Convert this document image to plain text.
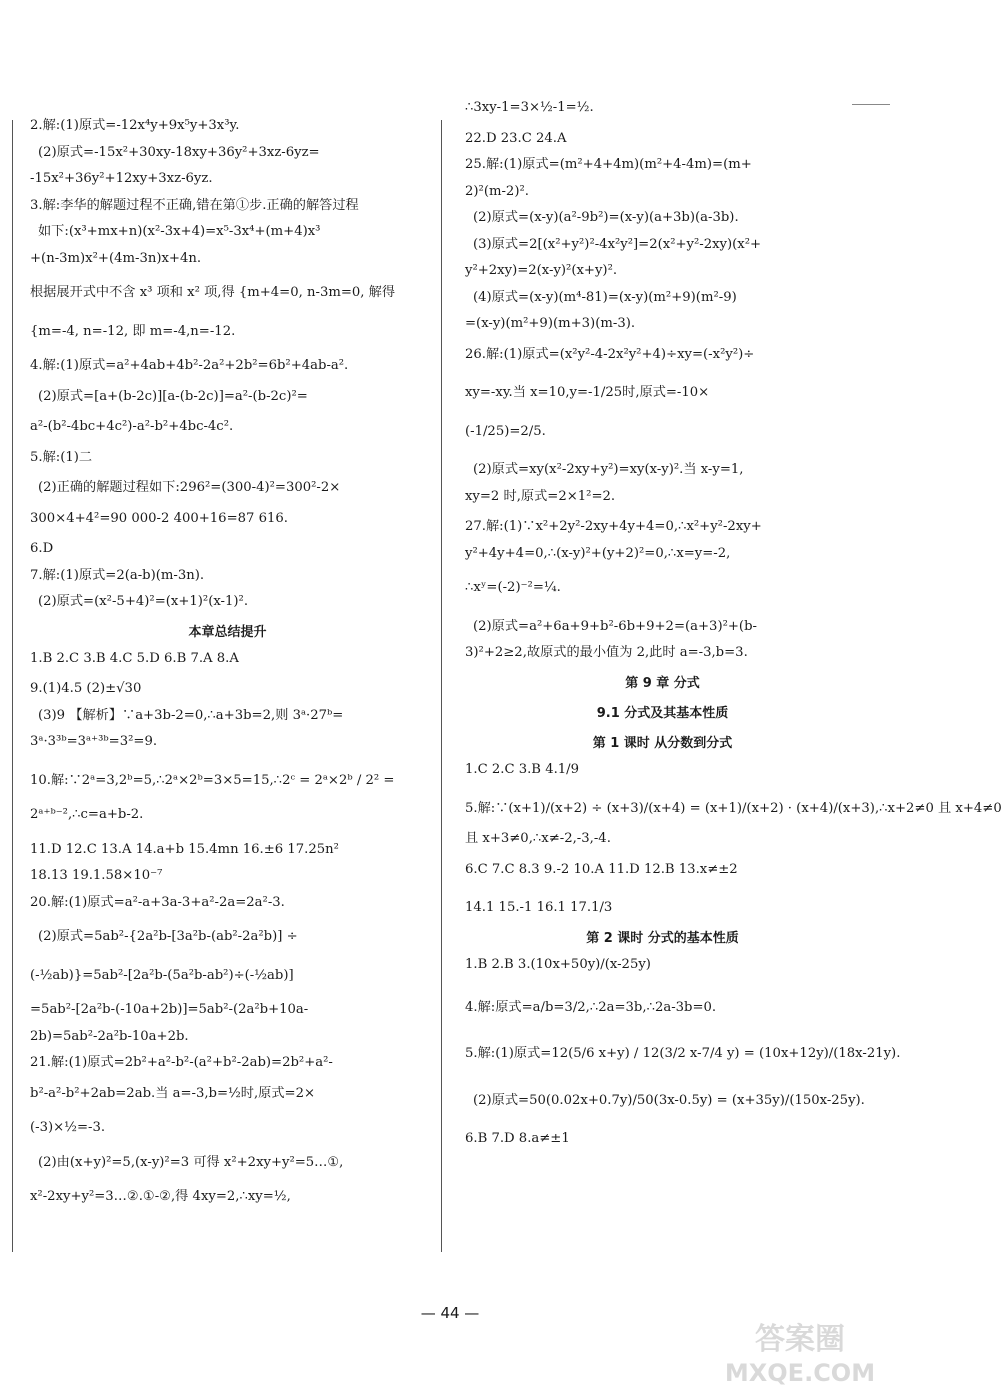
2.解:(1)原式=-12x⁴y+9x⁵y+3x³y.

(2)原式=-15x²+30xy-18xy+36y²+3xz-6yz=

-15x²+36y²+12xy+3xz-6yz.

3.解:李华的解题过程不正确,错在第①步.正确的解答过程

如下:(x³+mx+n)(x²-3x+4)=x⁵-3x⁴+(m+4)x³

+(n-3m)x²+(4m-3n)x+4n.

根据展开式中不含 x³ 项和 x² 项,得 {m+4=0, n-3m=0, 解得

{m=-4, n=-12, 即 m=-4,n=-12.

4.解:(1)原式=a²+4ab+4b²-2a²+2b²=6b²+4ab-a².

(2)原式=[a+(b-2c)][a-(b-2c)]=a²-(b-2c)²=

a²-(b²-4bc+4c²)-a²-b²+4bc-4c².

5.解:(1)二

(2)正确的解题过程如下:296²=(300-4)²=300²-2×

300×4+4²=90 000-2 400+16=87 616.

6.D

7.解:(1)原式=2(a-b)(m-3n).

(2)原式=(x²-5+4)²=(x+1)²(x-1)².

本章总结提升

1.B 2.C 3.B 4.C 5.D 6.B 7.A 8.A

9.(1)4.5 (2)±√30

(3)9 【解析】∵a+3b-2=0,∴a+3b=2,则 3ᵃ·27ᵇ=

3ᵃ·3³ᵇ=3ᵃ⁺³ᵇ=3²=9.

10.解:∵2ᵃ=3,2ᵇ=5,∴2ᵃ×2ᵇ=3×5=15,∴2ᶜ = 2ᵃ×2ᵇ / 2² =

2ᵃ⁺ᵇ⁻²,∴c=a+b-2.

11.D 12.C 13.A 14.a+b 15.4mn 16.±6 17.25n²

18.13 19.1.58×10⁻⁷

20.解:(1)原式=a²-a+3a-3+a²-2a=2a²-3.

(2)原式=5ab²-{2a²b-[3a²b-(ab²-2a²b)] ÷

(-½ab)}=5ab²-[2a²b-(5a²b-ab²)÷(-½ab)]

=5ab²-[2a²b-(-10a+2b)]=5ab²-(2a²b+10a-

2b)=5ab²-2a²b-10a+2b.

21.解:(1)原式=2b²+a²-b²-(a²+b²-2ab)=2b²+a²-

b²-a²-b²+2ab=2ab.当 a=-3,b=½时,原式=2×

(-3)×½=-3.

(2)由(x+y)²=5,(x-y)²=3 可得 x²+2xy+y²=5…①,

x²-2xy+y²=3…②.①-②,得 4xy=2,∴xy=½,

∴3xy-1=3×½-1=½.

22.D 23.C 24.A

25.解:(1)原式=(m²+4+4m)(m²+4-4m)=(m+

2)²(m-2)².

(2)原式=(x-y)(a²-9b²)=(x-y)(a+3b)(a-3b).

(3)原式=2[(x²+y²)²-4x²y²]=2(x²+y²-2xy)(x²+

y²+2xy)=2(x-y)²(x+y)².

(4)原式=(x-y)(m⁴-81)=(x-y)(m²+9)(m²-9)

=(x-y)(m²+9)(m+3)(m-3).

26.解:(1)原式=(x²y²-4-2x²y²+4)÷xy=(-x²y²)÷

xy=-xy.当 x=10,y=-1/25时,原式=-10×

(-1/25)=2/5.

(2)原式=xy(x²-2xy+y²)=xy(x-y)².当 x-y=1,

xy=2 时,原式=2×1²=2.

27.解:(1)∵x²+2y²-2xy+4y+4=0,∴x²+y²-2xy+

y²+4y+4=0,∴(x-y)²+(y+2)²=0,∴x=y=-2,

∴xʸ=(-2)⁻²=¼.

(2)原式=a²+6a+9+b²-6b+9+2=(a+3)²+(b-

3)²+2≥2,故原式的最小值为 2,此时 a=-3,b=3.

第 9 章 分式

9.1 分式及其基本性质

第 1 课时 从分数到分式

1.C 2.C 3.B 4.1/9

5.解:∵(x+1)/(x+2) ÷ (x+3)/(x+4) = (x+1)/(x+2) · (x+4)/(x+3),∴x+2≠0 且 x+4≠0

且 x+3≠0,∴x≠-2,-3,-4.

6.C 7.C 8.3 9.-2 10.A 11.D 12.B 13.x≠±2

14.1 15.-1 16.1 17.1/3

第 2 课时 分式的基本性质

1.B 2.B 3.(10x+50y)/(x-25y)

4.解:原式=a/b=3/2,∴2a=3b,∴2a-3b=0.

5.解:(1)原式=12(5/6 x+y) / 12(3/2 x-7/4 y) = (10x+12y)/(18x-21y).

(2)原式=50(0.02x+0.7y)/50(3x-0.5y) = (x+35y)/(150x-25y).

6.B 7.D 8.a≠±1

— 44 —
答案圈
MXQE.COM
